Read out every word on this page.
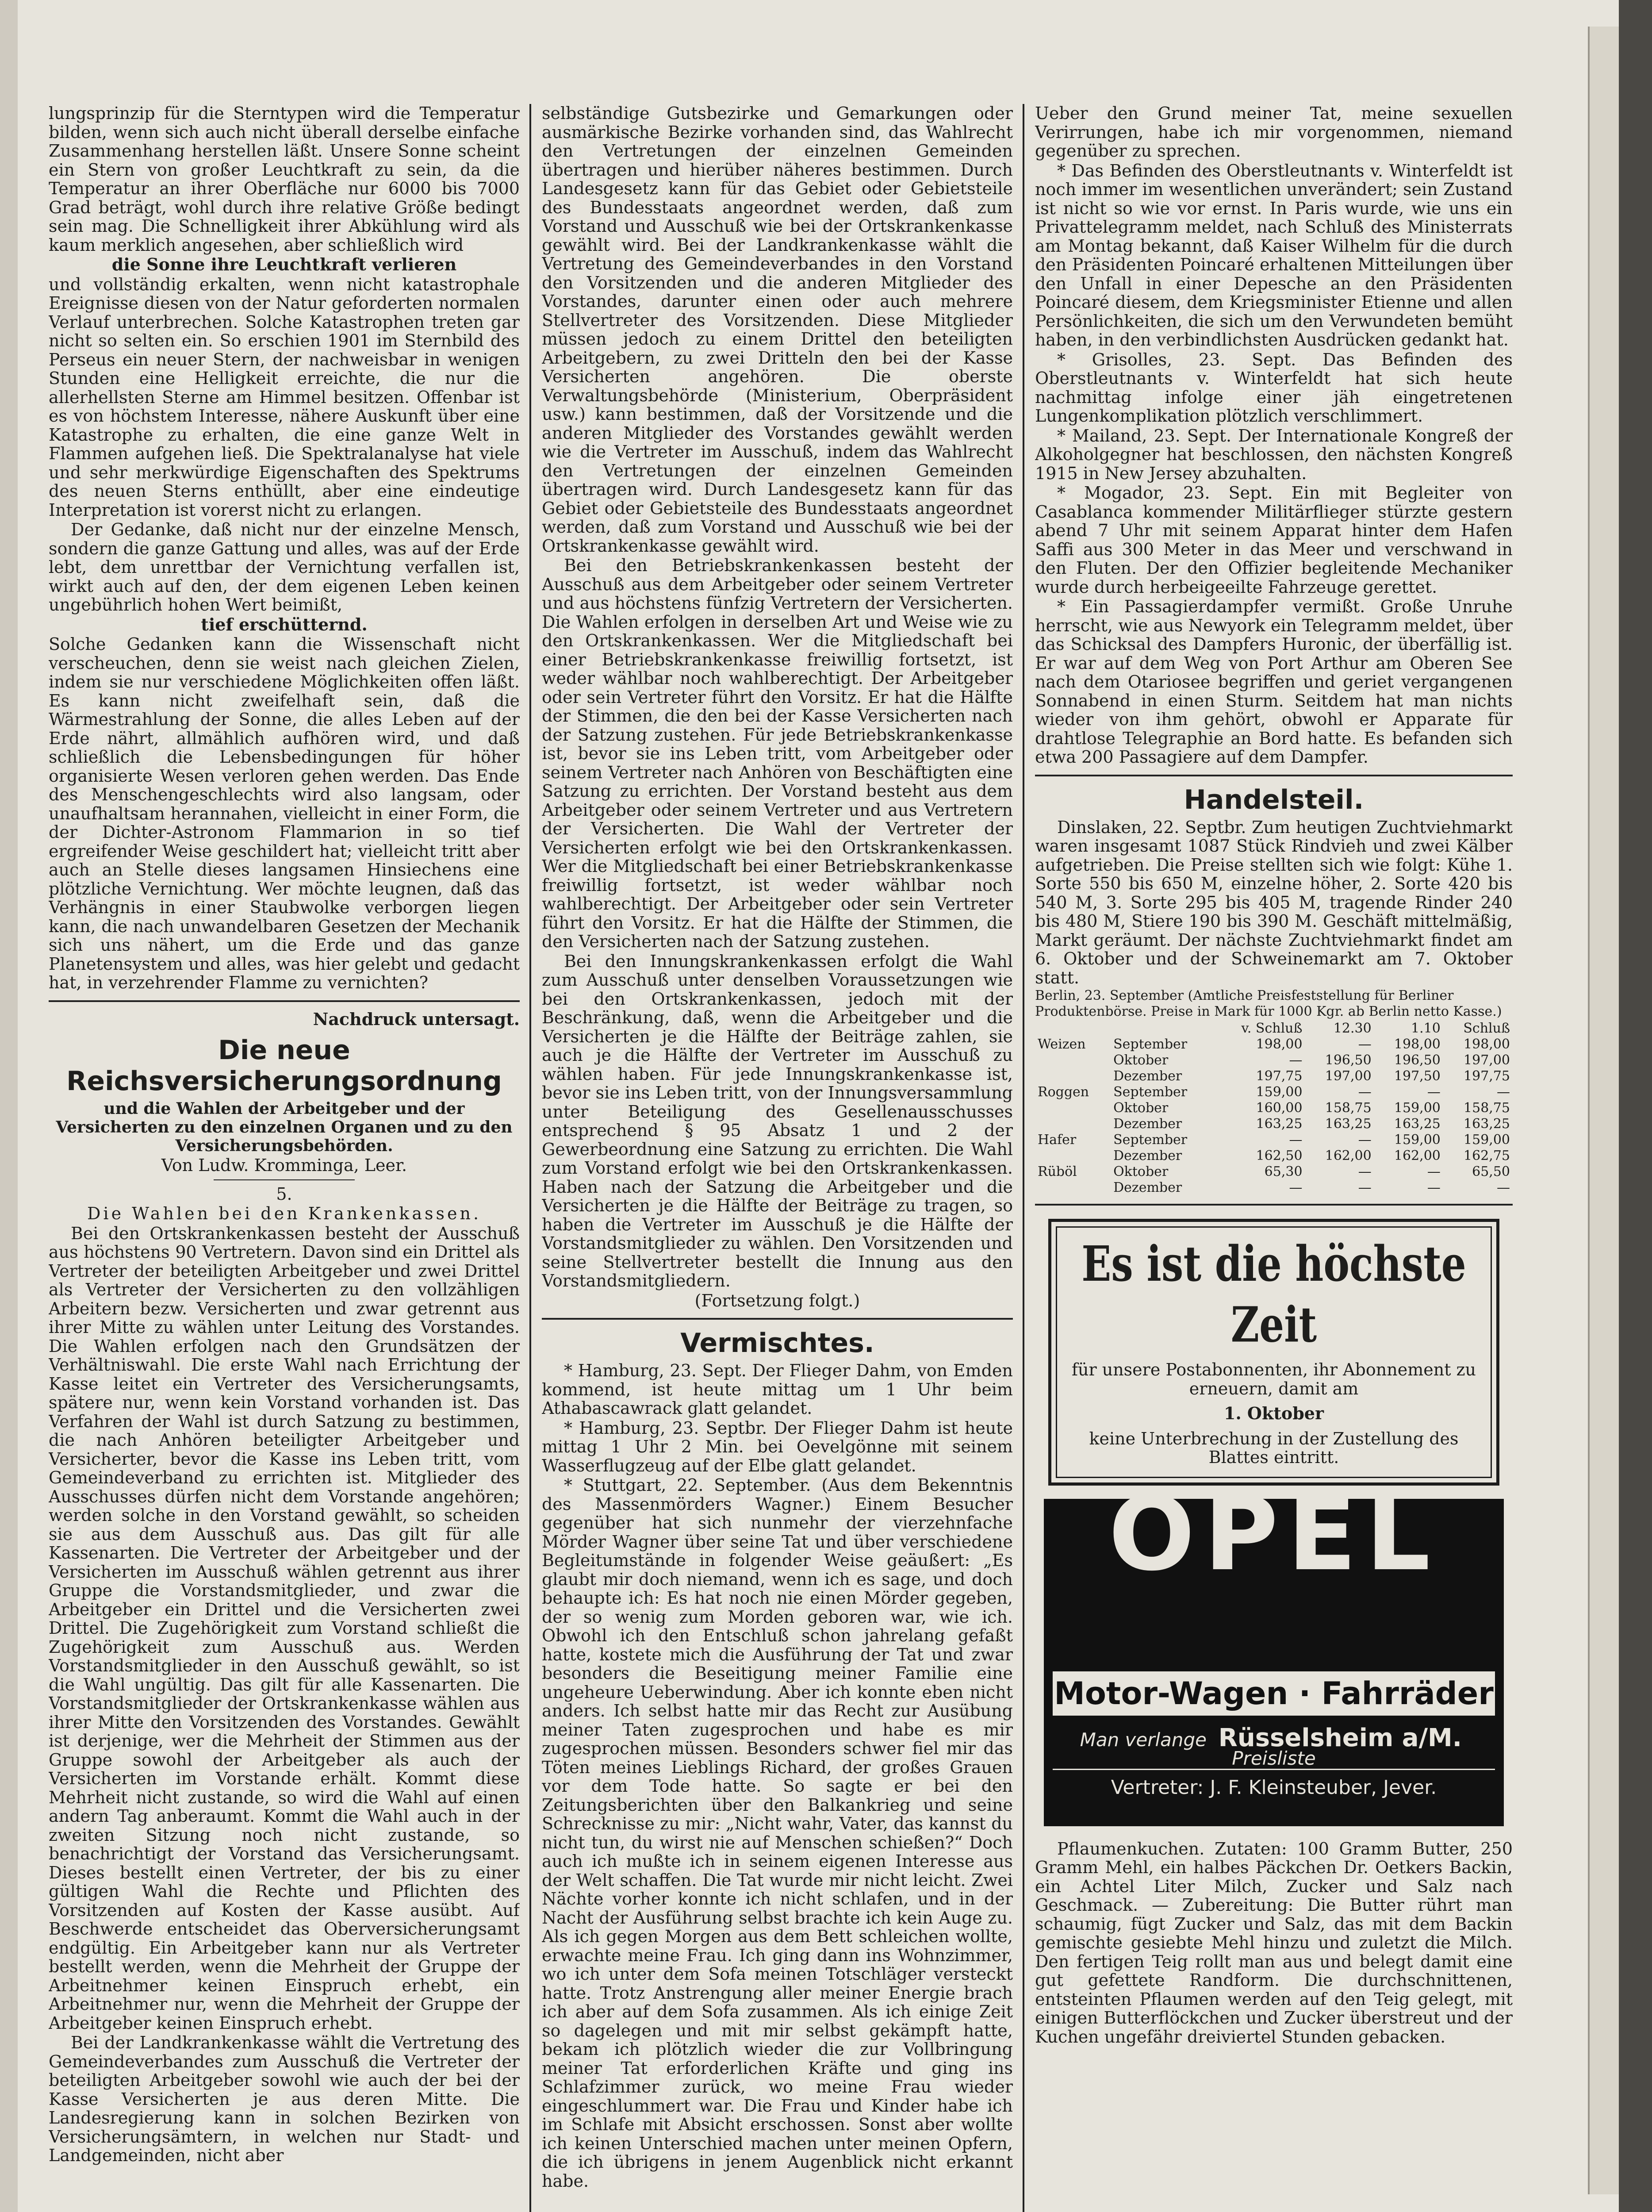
lungsprinzip für die Sterntypen wird die Temperatur bilden, wenn sich auch nicht überall derselbe einfache Zusammenhang herstellen läßt. Unsere Sonne scheint ein Stern von großer Leuchtkraft zu sein, da die Temperatur an ihrer Oberfläche nur 6000 bis 7000 Grad beträgt, wohl durch ihre relative Größe bedingt sein mag. Die Schnelligkeit ihrer Abkühlung wird als kaum merklich angesehen, aber schließlich wird

die Sonne ihre Leuchtkraft verlieren

und vollständig erkalten, wenn nicht katastrophale Ereignisse diesen von der Natur geforderten normalen Verlauf unterbrechen. Solche Katastrophen treten gar nicht so selten ein. So erschien 1901 im Sternbild des Perseus ein neuer Stern, der nachweisbar in wenigen Stunden eine Helligkeit erreichte, die nur die allerhellsten Sterne am Himmel besitzen. Offenbar ist es von höchstem Interesse, nähere Auskunft über eine Katastrophe zu erhalten, die eine ganze Welt in Flammen aufgehen ließ. Die Spektralanalyse hat viele und sehr merkwürdige Eigenschaften des Spektrums des neuen Sterns enthüllt, aber eine eindeutige Interpretation ist vorerst nicht zu erlangen.

Der Gedanke, daß nicht nur der einzelne Mensch, sondern die ganze Gattung und alles, was auf der Erde lebt, dem unrettbar der Vernichtung verfallen ist, wirkt auch auf den, der dem eigenen Leben keinen ungebührlich hohen Wert beimißt,

tief erschütternd.

Solche Gedanken kann die Wissenschaft nicht verscheuchen, denn sie weist nach gleichen Zielen, indem sie nur verschiedene Möglichkeiten offen läßt. Es kann nicht zweifelhaft sein, daß die Wärmestrahlung der Sonne, die alles Leben auf der Erde nährt, allmählich aufhören wird, und daß schließlich die Lebensbedingungen für höher organisierte Wesen verloren gehen werden. Das Ende des Menschengeschlechts wird also langsam, oder unaufhaltsam herannahen, vielleicht in einer Form, die der Dichter-Astronom Flammarion in so tief ergreifender Weise geschildert hat; vielleicht tritt aber auch an Stelle dieses langsamen Hinsiechens eine plötzliche Vernichtung. Wer möchte leugnen, daß das Verhängnis in einer Staubwolke verborgen liegen kann, die nach unwandelbaren Gesetzen der Mechanik sich uns nähert, um die Erde und das ganze Planetensystem und alles, was hier gelebt und gedacht hat, in verzehrender Flamme zu vernichten?

Nachdruck untersagt.

Die neue Reichsversicherungsordnung

und die Wahlen der Arbeitgeber und der Versicherten zu den einzelnen Organen und zu den Versicherungsbehörden.

Von Ludw. Kromminga, Leer.

5.

Die Wahlen bei den Krankenkassen.

Bei den Ortskrankenkassen besteht der Ausschuß aus höchstens 90 Vertretern. Davon sind ein Drittel als Vertreter der beteiligten Arbeitgeber und zwei Drittel als Vertreter der Versicherten zu den vollzähligen Arbeitern bezw. Versicherten und zwar getrennt aus ihrer Mitte zu wählen unter Leitung des Vorstandes. Die Wahlen erfolgen nach den Grundsätzen der Verhältniswahl. Die erste Wahl nach Errichtung der Kasse leitet ein Vertreter des Versicherungsamts, spätere nur, wenn kein Vorstand vorhanden ist. Das Verfahren der Wahl ist durch Satzung zu bestimmen, die nach Anhören beteiligter Arbeitgeber und Versicherter, bevor die Kasse ins Leben tritt, vom Gemeindeverband zu errichten ist. Mitglieder des Ausschusses dürfen nicht dem Vorstande angehören; werden solche in den Vorstand gewählt, so scheiden sie aus dem Ausschuß aus. Das gilt für alle Kassenarten. Die Vertreter der Arbeitgeber und der Versicherten im Ausschuß wählen getrennt aus ihrer Gruppe die Vorstandsmitglieder, und zwar die Arbeitgeber ein Drittel und die Versicherten zwei Drittel. Die Zugehörigkeit zum Vorstand schließt die Zugehörigkeit zum Ausschuß aus. Werden Vorstandsmitglieder in den Ausschuß gewählt, so ist die Wahl ungültig. Das gilt für alle Kassenarten. Die Vorstandsmitglieder der Ortskrankenkasse wählen aus ihrer Mitte den Vorsitzenden des Vorstandes. Gewählt ist derjenige, wer die Mehrheit der Stimmen aus der Gruppe sowohl der Arbeitgeber als auch der Versicherten im Vorstande erhält. Kommt diese Mehrheit nicht zustande, so wird die Wahl auf einen andern Tag anberaumt. Kommt die Wahl auch in der zweiten Sitzung noch nicht zustande, so benachrichtigt der Vorstand das Versicherungsamt. Dieses bestellt einen Vertreter, der bis zu einer gültigen Wahl die Rechte und Pflichten des Vorsitzenden auf Kosten der Kasse ausübt. Auf Beschwerde entscheidet das Oberversicherungsamt endgültig. Ein Arbeitgeber kann nur als Vertreter bestellt werden, wenn die Mehrheit der Gruppe der Arbeitnehmer keinen Einspruch erhebt, ein Arbeitnehmer nur, wenn die Mehrheit der Gruppe der Arbeitgeber keinen Einspruch erhebt.

Bei der Landkrankenkasse wählt die Vertretung des Gemeindeverbandes zum Ausschuß die Vertreter der beteiligten Arbeitgeber sowohl wie auch der bei der Kasse Versicherten je aus deren Mitte. Die Landesregierung kann in solchen Bezirken von Versicherungsämtern, in welchen nur Stadt- und Landgemeinden, nicht aber

selbständige Gutsbezirke und Gemarkungen oder ausmärkische Bezirke vorhanden sind, das Wahlrecht den Vertretungen der einzelnen Gemeinden übertragen und hierüber näheres bestimmen. Durch Landesgesetz kann für das Gebiet oder Gebietsteile des Bundesstaats angeordnet werden, daß zum Vorstand und Ausschuß wie bei der Ortskrankenkasse gewählt wird. Bei der Landkrankenkasse wählt die Vertretung des Gemeindeverbandes in den Vorstand den Vorsitzenden und die anderen Mitglieder des Vorstandes, darunter einen oder auch mehrere Stellvertreter des Vorsitzenden. Diese Mitglieder müssen jedoch zu einem Drittel den beteiligten Arbeitgebern, zu zwei Dritteln den bei der Kasse Versicherten angehören. Die oberste Verwaltungsbehörde (Ministerium, Oberpräsident usw.) kann bestimmen, daß der Vorsitzende und die anderen Mitglieder des Vorstandes gewählt werden wie die Vertreter im Ausschuß, indem das Wahlrecht den Vertretungen der einzelnen Gemeinden übertragen wird. Durch Landesgesetz kann für das Gebiet oder Gebietsteile des Bundesstaats angeordnet werden, daß zum Vorstand und Ausschuß wie bei der Ortskrankenkasse gewählt wird.

Bei den Betriebskrankenkassen besteht der Ausschuß aus dem Arbeitgeber oder seinem Vertreter und aus höchstens fünfzig Vertretern der Versicherten. Die Wahlen erfolgen in derselben Art und Weise wie zu den Ortskrankenkassen. Wer die Mitgliedschaft bei einer Betriebskrankenkasse freiwillig fortsetzt, ist weder wählbar noch wahlberechtigt. Der Arbeitgeber oder sein Vertreter führt den Vorsitz. Er hat die Hälfte der Stimmen, die den bei der Kasse Versicherten nach der Satzung zustehen. Für jede Betriebskrankenkasse ist, bevor sie ins Leben tritt, vom Arbeitgeber oder seinem Vertreter nach Anhören von Beschäftigten eine Satzung zu errichten. Der Vorstand besteht aus dem Arbeitgeber oder seinem Vertreter und aus Vertretern der Versicherten. Die Wahl der Vertreter der Versicherten erfolgt wie bei den Ortskrankenkassen. Wer die Mitgliedschaft bei einer Betriebskrankenkasse freiwillig fortsetzt, ist weder wählbar noch wahlberechtigt. Der Arbeitgeber oder sein Vertreter führt den Vorsitz. Er hat die Hälfte der Stimmen, die den Versicherten nach der Satzung zustehen.

Bei den Innungskrankenkassen erfolgt die Wahl zum Ausschuß unter denselben Voraussetzungen wie bei den Ortskrankenkassen, jedoch mit der Beschränkung, daß, wenn die Arbeitgeber und die Versicherten je die Hälfte der Beiträge zahlen, sie auch je die Hälfte der Vertreter im Ausschuß zu wählen haben. Für jede Innungskrankenkasse ist, bevor sie ins Leben tritt, von der Innungsversammlung unter Beteiligung des Gesellenausschusses entsprechend § 95 Absatz 1 und 2 der Gewerbeordnung eine Satzung zu errichten. Die Wahl zum Vorstand erfolgt wie bei den Ortskrankenkassen. Haben nach der Satzung die Arbeitgeber und die Versicherten je die Hälfte der Beiträge zu tragen, so haben die Vertreter im Ausschuß je die Hälfte der Vorstandsmitglieder zu wählen. Den Vorsitzenden und seine Stellvertreter bestellt die Innung aus den Vorstandsmitgliedern.

(Fortsetzung folgt.)

Vermischtes.

* Hamburg, 23. Sept. Der Flieger Dahm, von Emden kommend, ist heute mittag um 1 Uhr beim Athabascawrack glatt gelandet.

* Hamburg, 23. Septbr. Der Flieger Dahm ist heute mittag 1 Uhr 2 Min. bei Oevelgönne mit seinem Wasserflugzeug auf der Elbe glatt gelandet.

* Stuttgart, 22. September. (Aus dem Bekenntnis des Massenmörders Wagner.) Einem Besucher gegenüber hat sich nunmehr der vierzehnfache Mörder Wagner über seine Tat und über verschiedene Begleitumstände in folgender Weise geäußert: „Es glaubt mir doch niemand, wenn ich es sage, und doch behaupte ich: Es hat noch nie einen Mörder gegeben, der so wenig zum Morden geboren war, wie ich. Obwohl ich den Entschluß schon jahrelang gefaßt hatte, kostete mich die Ausführung der Tat und zwar besonders die Beseitigung meiner Familie eine ungeheure Ueberwindung. Aber ich konnte eben nicht anders. Ich selbst hatte mir das Recht zur Ausübung meiner Taten zugesprochen und habe es mir zugesprochen müssen. Besonders schwer fiel mir das Töten meines Lieblings Richard, der großes Grauen vor dem Tode hatte. So sagte er bei den Zeitungsberichten über den Balkankrieg und seine Schrecknisse zu mir: „Nicht wahr, Vater, das kannst du nicht tun, du wirst nie auf Menschen schießen?“ Doch auch ich mußte ich in seinem eigenen Interesse aus der Welt schaffen. Die Tat wurde mir nicht leicht. Zwei Nächte vorher konnte ich nicht schlafen, und in der Nacht der Ausführung selbst brachte ich kein Auge zu. Als ich gegen Morgen aus dem Bett schleichen wollte, erwachte meine Frau. Ich ging dann ins Wohnzimmer, wo ich unter dem Sofa meinen Totschläger versteckt hatte. Trotz Anstrengung aller meiner Energie brach ich aber auf dem Sofa zusammen. Als ich einige Zeit so dagelegen und mit mir selbst gekämpft hatte, bekam ich plötzlich wieder die zur Vollbringung meiner Tat erforderlichen Kräfte und ging ins Schlafzimmer zurück, wo meine Frau wieder eingeschlummert war. Die Frau und Kinder habe ich im Schlafe mit Absicht erschossen. Sonst aber wollte ich keinen Unterschied machen unter meinen Opfern, die ich übrigens in jenem Augenblick nicht erkannt habe.

Ueber den Grund meiner Tat, meine sexuellen Verirrungen, habe ich mir vorgenommen, niemand gegenüber zu sprechen.

* Das Befinden des Oberstleutnants v. Winterfeldt ist noch immer im wesentlichen unverändert; sein Zustand ist nicht so wie vor ernst. In Paris wurde, wie uns ein Privattelegramm meldet, nach Schluß des Ministerrats am Montag bekannt, daß Kaiser Wilhelm für die durch den Präsidenten Poincaré erhaltenen Mitteilungen über den Unfall in einer Depesche an den Präsidenten Poincaré diesem, dem Kriegsminister Etienne und allen Persönlichkeiten, die sich um den Verwundeten bemüht haben, in den verbindlichsten Ausdrücken gedankt hat.

* Grisolles, 23. Sept. Das Befinden des Oberstleutnants v. Winterfeldt hat sich heute nachmittag infolge einer jäh eingetretenen Lungenkomplikation plötzlich verschlimmert.

* Mailand, 23. Sept. Der Internationale Kongreß der Alkoholgegner hat beschlossen, den nächsten Kongreß 1915 in New Jersey abzuhalten.

* Mogador, 23. Sept. Ein mit Begleiter von Casablanca kommender Militärflieger stürzte gestern abend 7 Uhr mit seinem Apparat hinter dem Hafen Saffi aus 300 Meter in das Meer und verschwand in den Fluten. Der den Offizier begleitende Mechaniker wurde durch herbeigeeilte Fahrzeuge gerettet.

* Ein Passagierdampfer vermißt. Große Unruhe herrscht, wie aus Newyork ein Telegramm meldet, über das Schicksal des Dampfers Huronic, der überfällig ist. Er war auf dem Weg von Port Arthur am Oberen See nach dem Otariosee begriffen und geriet vergangenen Sonnabend in einen Sturm. Seitdem hat man nichts wieder von ihm gehört, obwohl er Apparate für drahtlose Telegraphie an Bord hatte. Es befanden sich etwa 200 Passagiere auf dem Dampfer.

Handelsteil.

Dinslaken, 22. Septbr. Zum heutigen Zuchtviehmarkt waren insgesamt 1087 Stück Rindvieh und zwei Kälber aufgetrieben. Die Preise stellten sich wie folgt: Kühe 1. Sorte 550 bis 650 M, einzelne höher, 2. Sorte 420 bis 540 M, 3. Sorte 295 bis 405 M, tragende Rinder 240 bis 480 M, Stiere 190 bis 390 M. Geschäft mittelmäßig, Markt geräumt. Der nächste Zuchtviehmarkt findet am 6. Oktober und der Schweinemarkt am 7. Oktober statt.

Berlin, 23. September (Amtliche Preisfeststellung für Berliner Produktenbörse. Preise in Mark für 1000 Kgr. ab Berlin netto Kasse.)

		v. Schluß	12.30	1.10	Schluß
Weizen	September	198,00	—	198,00	198,00
	Oktober	—	196,50	196,50	197,00
	Dezember	197,75	197,00	197,50	197,75
Roggen	September	159,00	—	—	—
	Oktober	160,00	158,75	159,00	158,75
	Dezember	163,25	163,25	163,25	163,25
Hafer	September	—	—	159,00	159,00
	Dezember	162,50	162,00	162,00	162,75
Rüböl	Oktober	65,30	—	—	65,50
	Dezember	—	—	—	—
Es ist die höchste Zeit

für unsere Postabonnenten, ihr Abonnement zu erneuern, damit am

1. Oktober

keine Unterbrechung in der Zustellung des Blattes eintritt.

OPEL
Motor-Wagen · Fahrräder
Man verlange Rüsselsheim a/M.  Preisliste
Vertreter: J. F. Kleinsteuber, Jever.

Pflaumenkuchen. Zutaten: 100 Gramm Butter, 250 Gramm Mehl, ein halbes Päckchen Dr. Oetkers Backin, ein Achtel Liter Milch, Zucker und Salz nach Geschmack. — Zubereitung: Die Butter rührt man schaumig, fügt Zucker und Salz, das mit dem Backin gemischte gesiebte Mehl hinzu und zuletzt die Milch. Den fertigen Teig rollt man aus und belegt damit eine gut gefettete Randform. Die durchschnittenen, entsteinten Pflaumen werden auf den Teig gelegt, mit einigen Butterflöckchen und Zucker überstreut und der Kuchen ungefähr dreiviertel Stunden gebacken.
